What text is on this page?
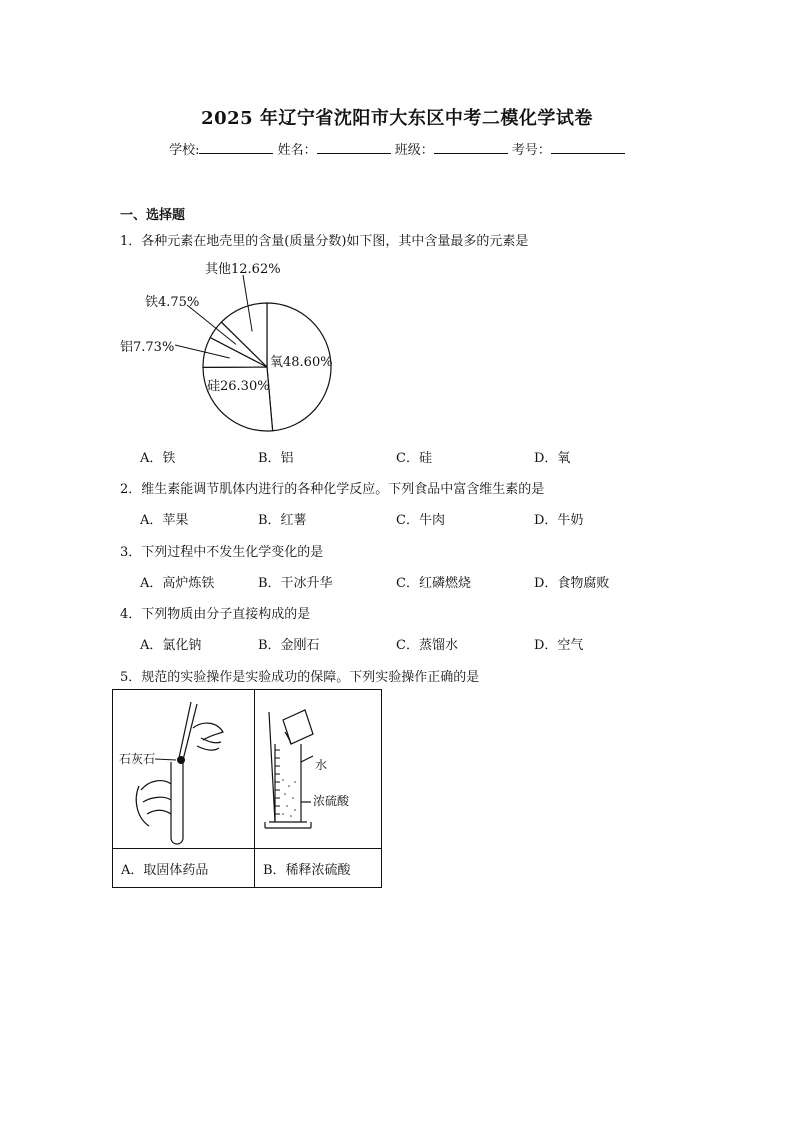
2025 年辽宁省沈阳市大东区中考二模化学试卷
学校:	姓名：	班级：	考号：
一、选择题
1．各种元素在地壳里的含量(质量分数)如下图，其中含量最多的元素是
氧48.60%
硅26.30%
铝7.73%
铁4.75%
其他12.62%
A．铁	B．铝	C．硅	D．氧
2．维生素能调节肌体内进行的各种化学反应。下列食品中富含维生素的是
A．苹果	B．红薯	C．牛肉	D．牛奶
3．下列过程中不发生化学变化的是
A．高炉炼铁	B．干冰升华	C．红磷燃烧	D．食物腐败
4．下列物质由分子直接构成的是
A．氯化钠	B．金刚石	C．蒸馏水	D．空气
5．规范的实验操作是实验成功的保障。下列实验操作正确的是
石灰石	水
浓硫酸

A．取固体药品	B．稀释浓硫酸
